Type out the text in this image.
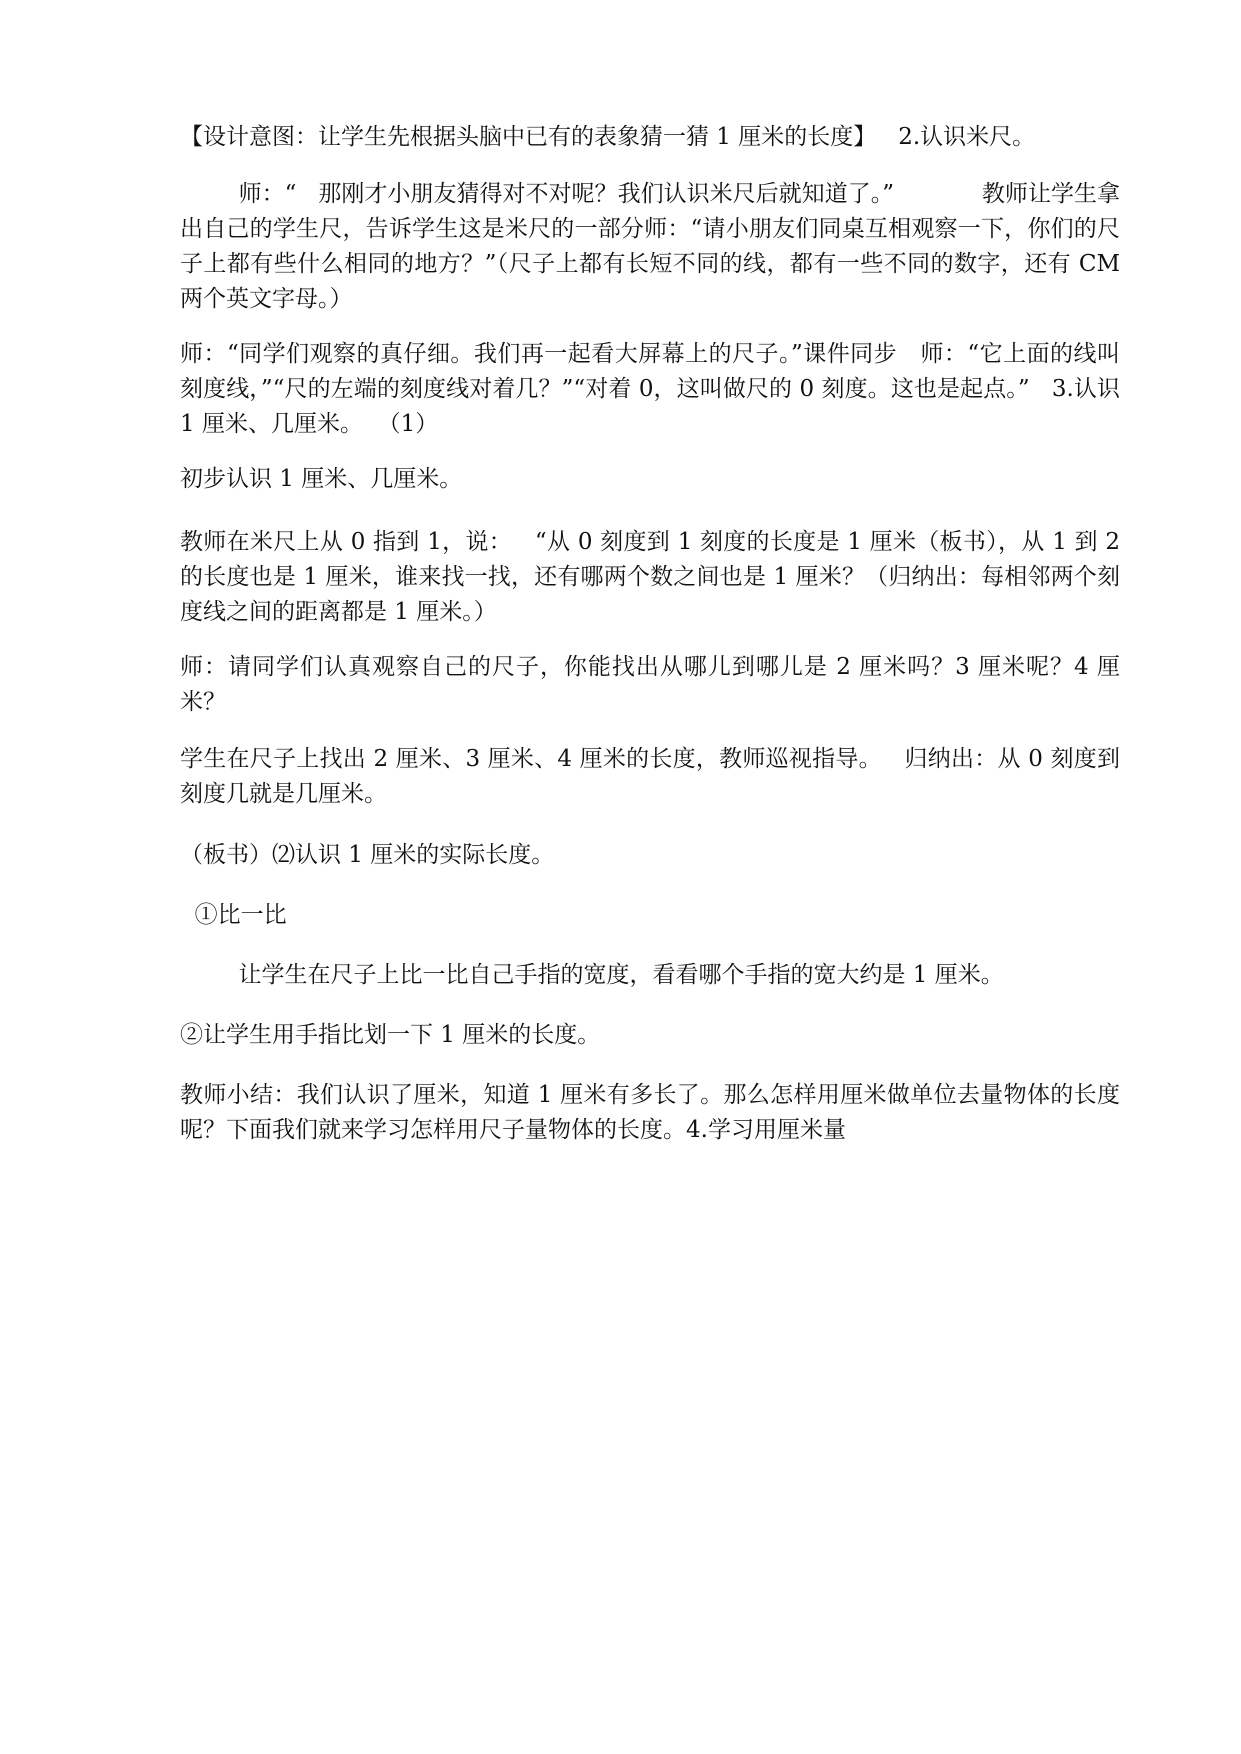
【设计意图：让学生先根据头脑中已有的表象猜一猜 1 厘米的长度】   2.认识米尺。

师：“   那刚才小朋友猜得对不对呢？我们认识米尺后就知道了。”            教师让学生拿出自己的学生尺，告诉学生这是米尺的一部分师：“请小朋友们同桌互相观察一下，你们的尺子上都有些什么相同的地方？”（尺子上都有长短不同的线，都有一些不同的数字，还有 CM 两个英文字母。）

师：“同学们观察的真仔细。我们再一起看大屏幕上的尺子。”课件同步   师：“它上面的线叫刻度线，”“尺的左端的刻度线对着几？”“对着 0，这叫做尺的 0 刻度。这也是起点。”   3.认识 1 厘米、几厘米。  （1）

初步认识 1 厘米、几厘米。

教师在米尺上从 0 指到 1，说：   “从 0 刻度到 1 刻度的长度是 1 厘米（板书），从 1 到 2 的长度也是 1 厘米，谁来找一找，还有哪两个数之间也是 1 厘米？（归纳出：每相邻两个刻度线之间的距离都是 1 厘米。）

师：请同学们认真观察自己的尺子，你能找出从哪儿到哪儿是 2 厘米吗？3 厘米呢？4 厘米？

学生在尺子上找出 2 厘米、3 厘米、4 厘米的长度，教师巡视指导。   归纳出：从 0 刻度到刻度几就是几厘米。

（板书）⑵认识 1 厘米的实际长度。

①比一比

让学生在尺子上比一比自己手指的宽度，看看哪个手指的宽大约是 1 厘米。

②让学生用手指比划一下 1 厘米的长度。

教师小结：我们认识了厘米，知道 1 厘米有多长了。那么怎样用厘米做单位去量物体的长度呢？下面我们就来学习怎样用尺子量物体的长度。4.学习用厘米量
